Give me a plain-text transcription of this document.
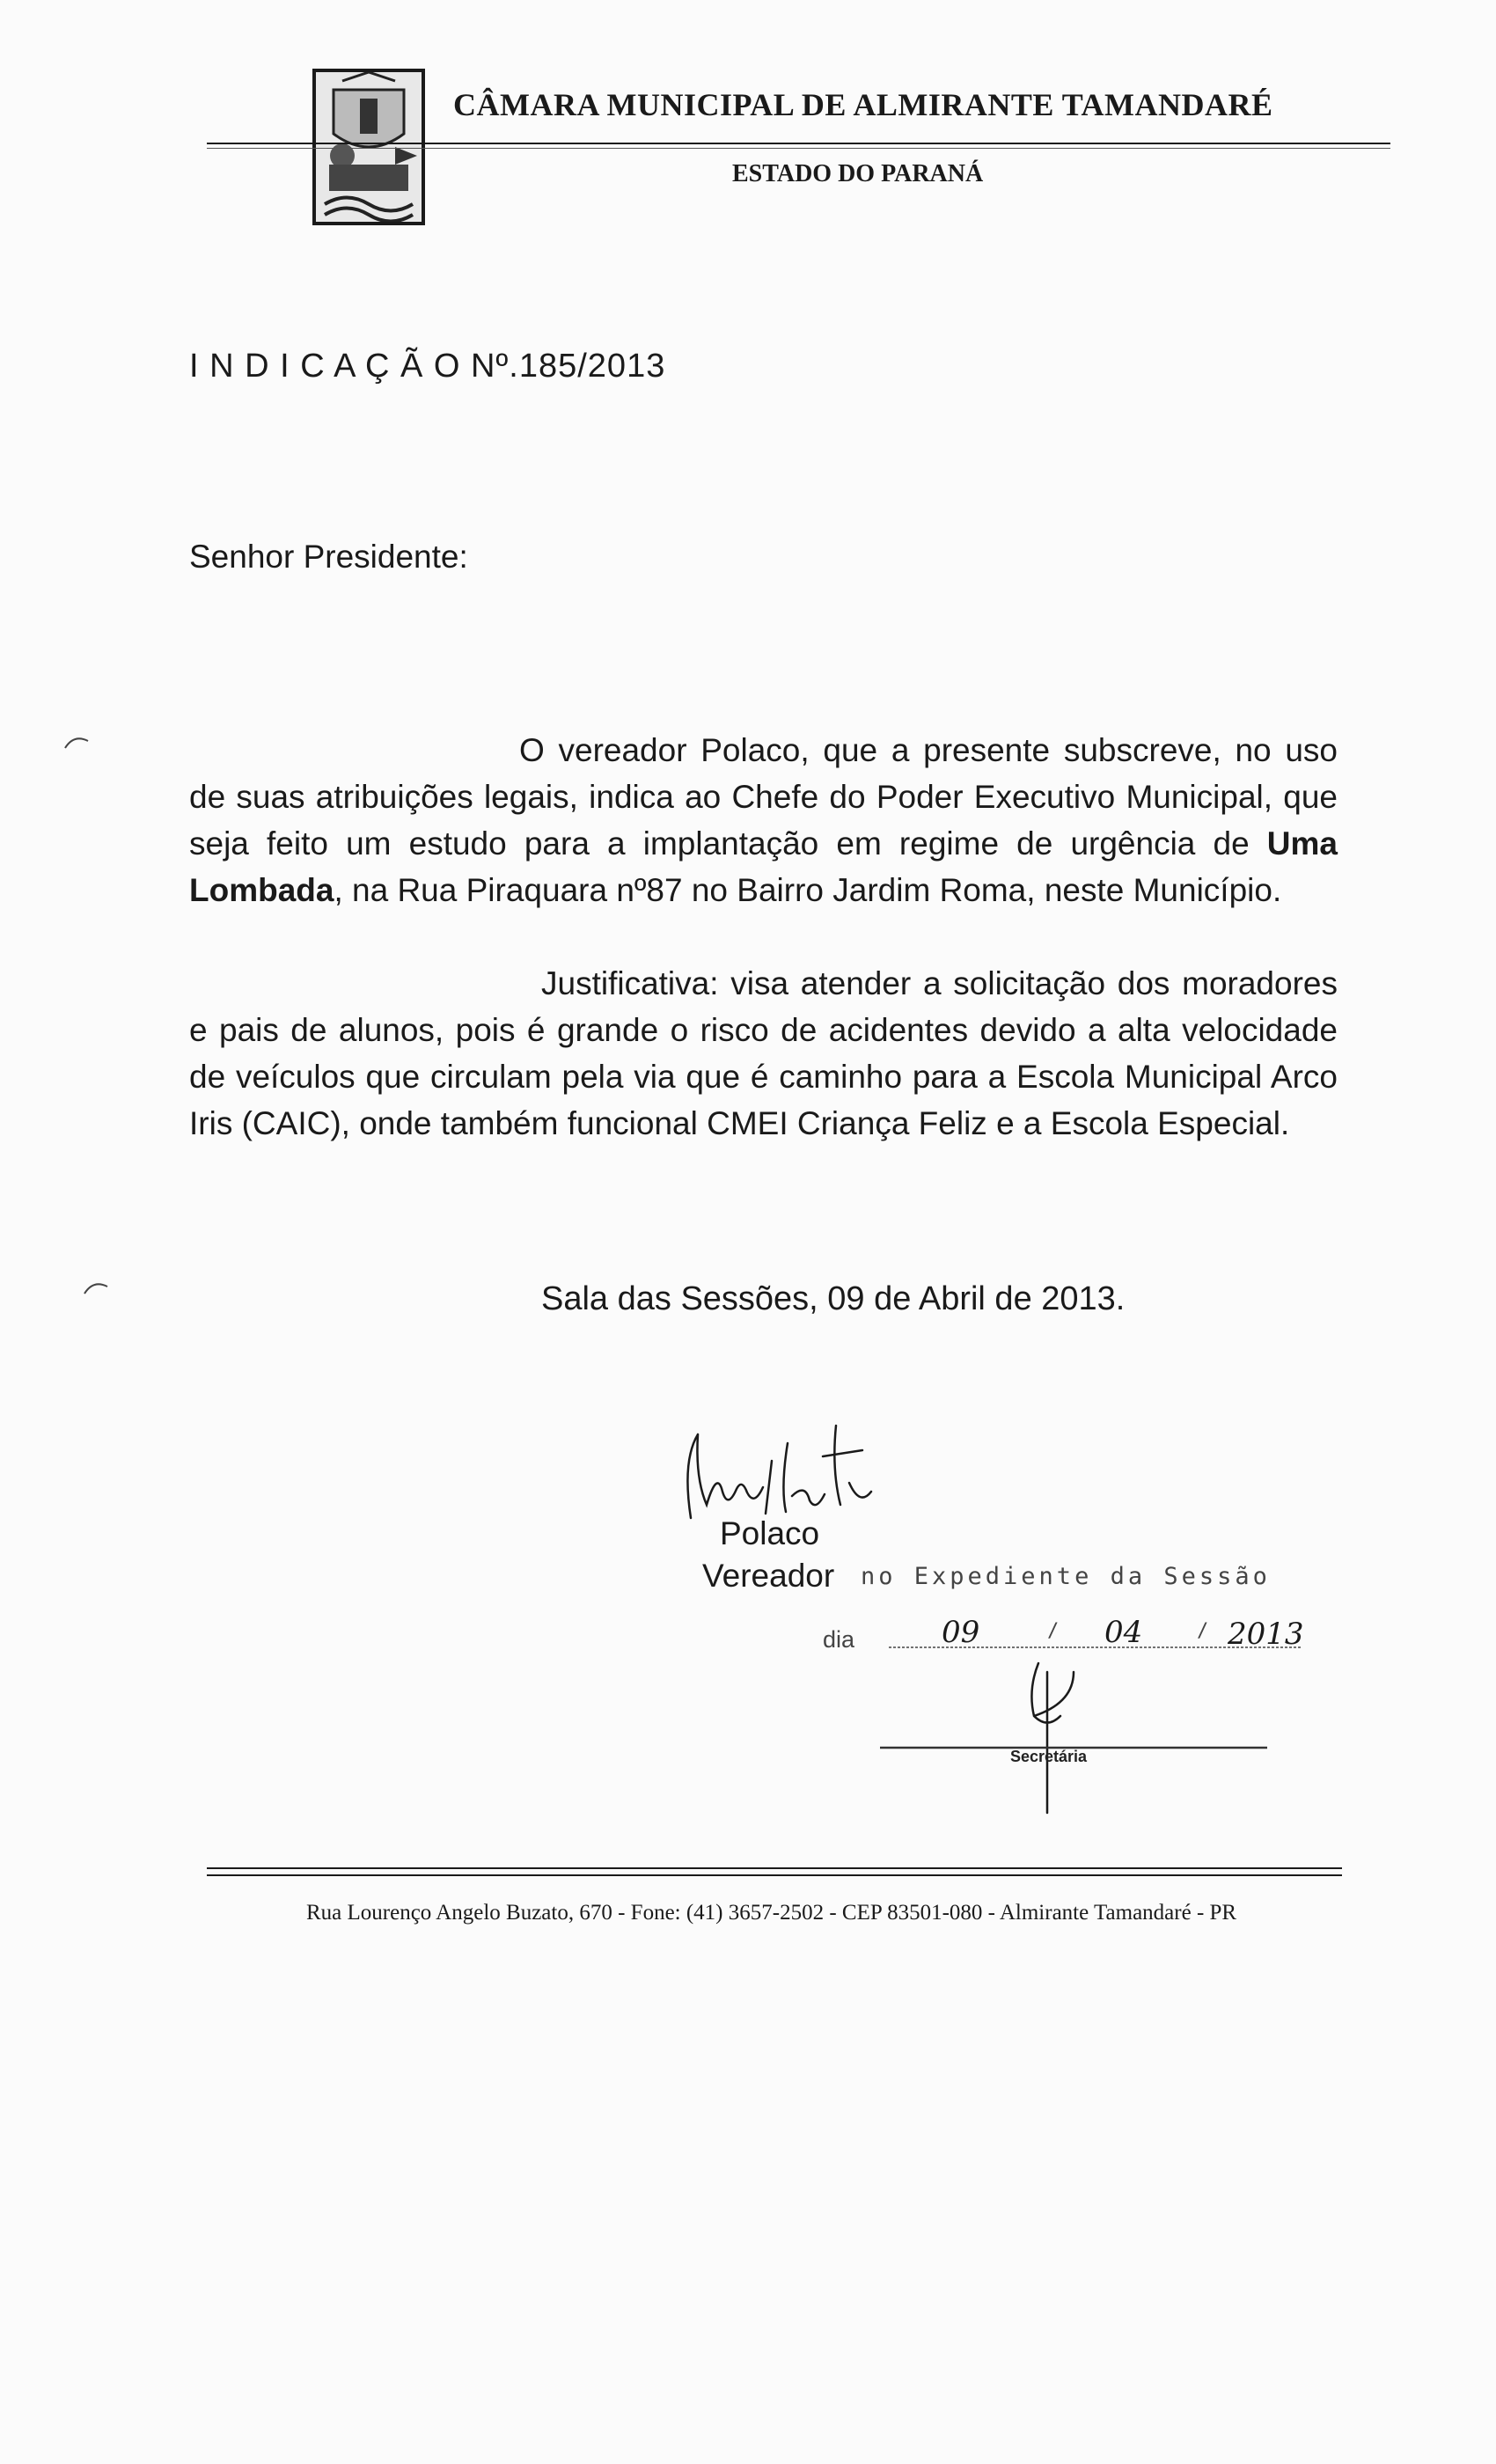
CÂMARA MUNICIPAL DE ALMIRANTE TAMANDARÉ
ESTADO DO PARANÁ
I N D I C A Ç Ã O Nº.185/2013
Senhor Presidente:
O vereador Polaco, que a presente subscreve, no uso de suas atribuições legais, indica ao Chefe do Poder Executivo Municipal, que seja feito um estudo para a implantação em regime de urgência de Uma Lombada, na Rua Piraquara nº87 no Bairro Jardim Roma, neste Município.
Justificativa: visa atender a solicitação dos moradores e pais de alunos, pois é grande o risco de acidentes devido a alta velocidade de veículos que circulam pela via que é caminho para a Escola Municipal Arco Iris (CAIC), onde também funcional CMEI Criança Feliz e a Escola Especial.
Sala das Sessões, 09 de Abril de 2013.
Polaco
Vereador no Expediente da Sessão
dia	/	/
09	04	2013
Secretária
Rua Lourenço Angelo Buzato, 670 - Fone: (41) 3657-2502 - CEP 83501-080 - Almirante Tamandaré - PR
